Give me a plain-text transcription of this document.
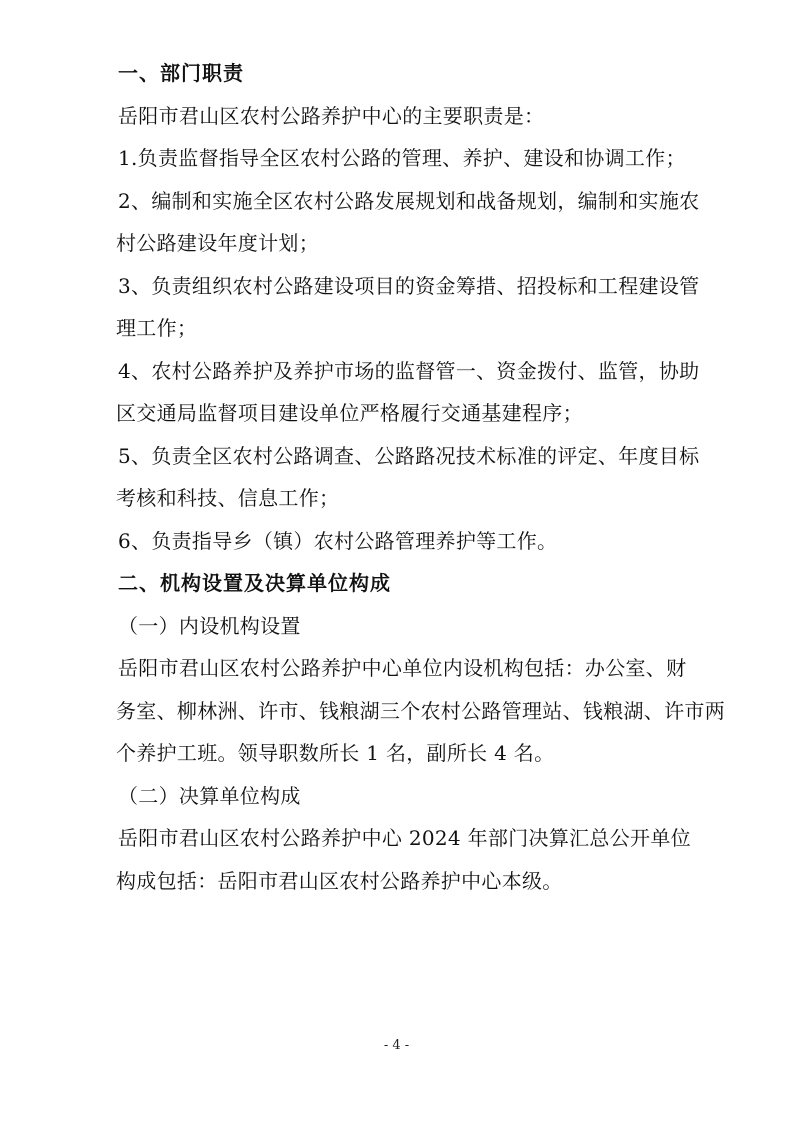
一、部门职责
岳阳市君山区农村公路养护中心的主要职责是：
1.负责监督指导全区农村公路的管理、养护、建设和协调工作；
2、编制和实施全区农村公路发展规划和战备规划，编制和实施农
村公路建设年度计划；
3、负责组织农村公路建设项目的资金筹措、招投标和工程建设管
理工作；
4、农村公路养护及养护市场的监督管一、资金拨付、监管，协助
区交通局监督项目建设单位严格履行交通基建程序；
5、负责全区农村公路调查、公路路况技术标准的评定、年度目标
考核和科技、信息工作；
6、负责指导乡（镇）农村公路管理养护等工作。
二、机构设置及决算单位构成
（一）内设机构设置
岳阳市君山区农村公路养护中心单位内设机构包括：办公室、财
务室、柳林洲、许市、钱粮湖三个农村公路管理站、钱粮湖、许市两
个养护工班。领导职数所长 1 名，副所长 4 名。
（二）决算单位构成
岳阳市君山区农村公路养护中心 2024 年部门决算汇总公开单位
构成包括：岳阳市君山区农村公路养护中心本级。
- 4 -
